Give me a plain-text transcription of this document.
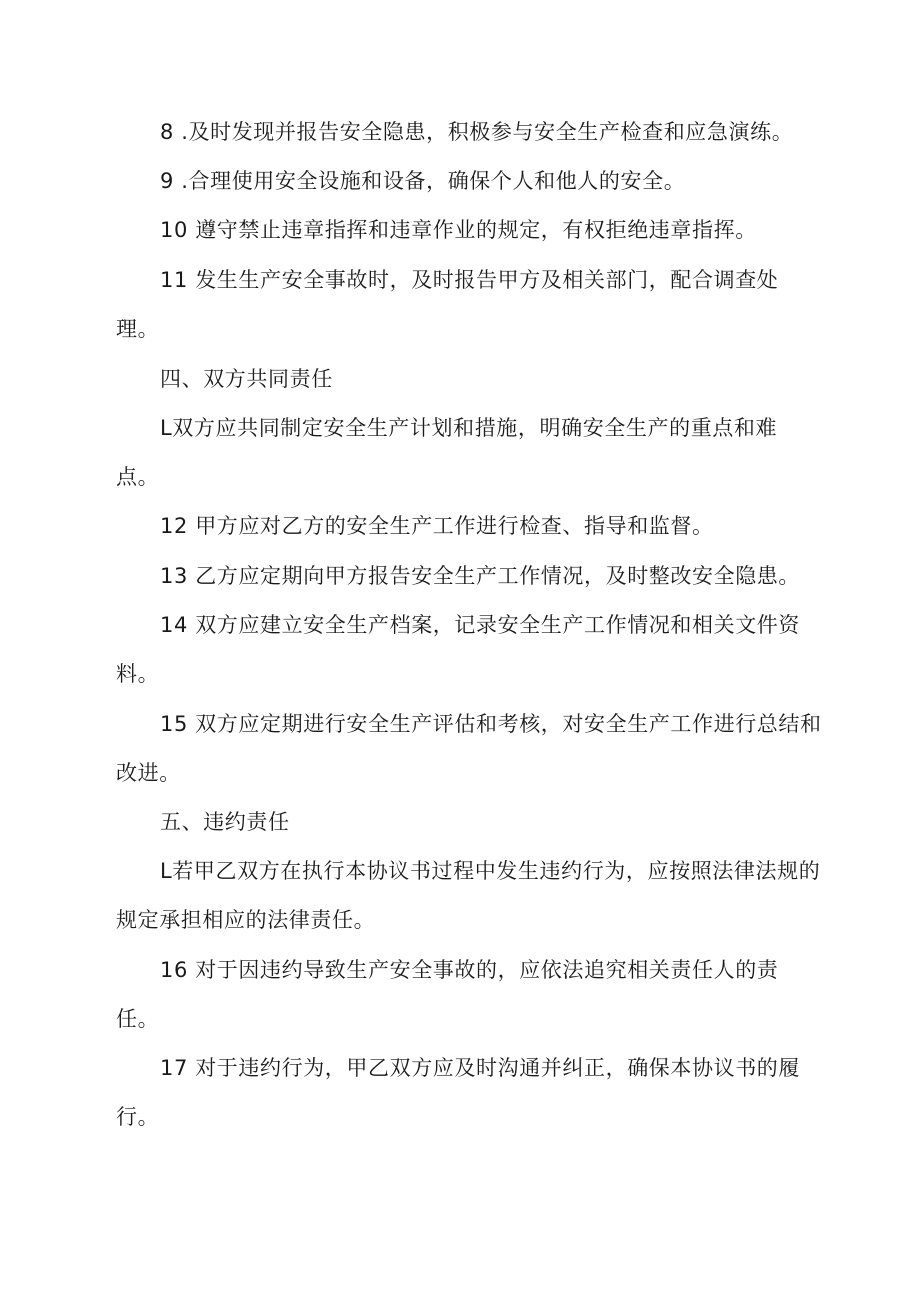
8 .及时发现并报告安全隐患，积极参与安全生产检查和应急演练。
9 .合理使用安全设施和设备，确保个人和他人的安全。
10 遵守禁止违章指挥和违章作业的规定，有权拒绝违章指挥。
11 发生生产安全事故时，及时报告甲方及相关部门，配合调查处
理。
四、双方共同责任
L双方应共同制定安全生产计划和措施，明确安全生产的重点和难
点。
12 甲方应对乙方的安全生产工作进行检查、指导和监督。
13 乙方应定期向甲方报告安全生产工作情况，及时整改安全隐患。
14 双方应建立安全生产档案，记录安全生产工作情况和相关文件资
料。
15 双方应定期进行安全生产评估和考核，对安全生产工作进行总结和
改进。
五、违约责任
L若甲乙双方在执行本协议书过程中发生违约行为，应按照法律法规的
规定承担相应的法律责任。
16 对于因违约导致生产安全事故的，应依法追究相关责任人的责
任。
17 对于违约行为，甲乙双方应及时沟通并纠正，确保本协议书的履
行。
